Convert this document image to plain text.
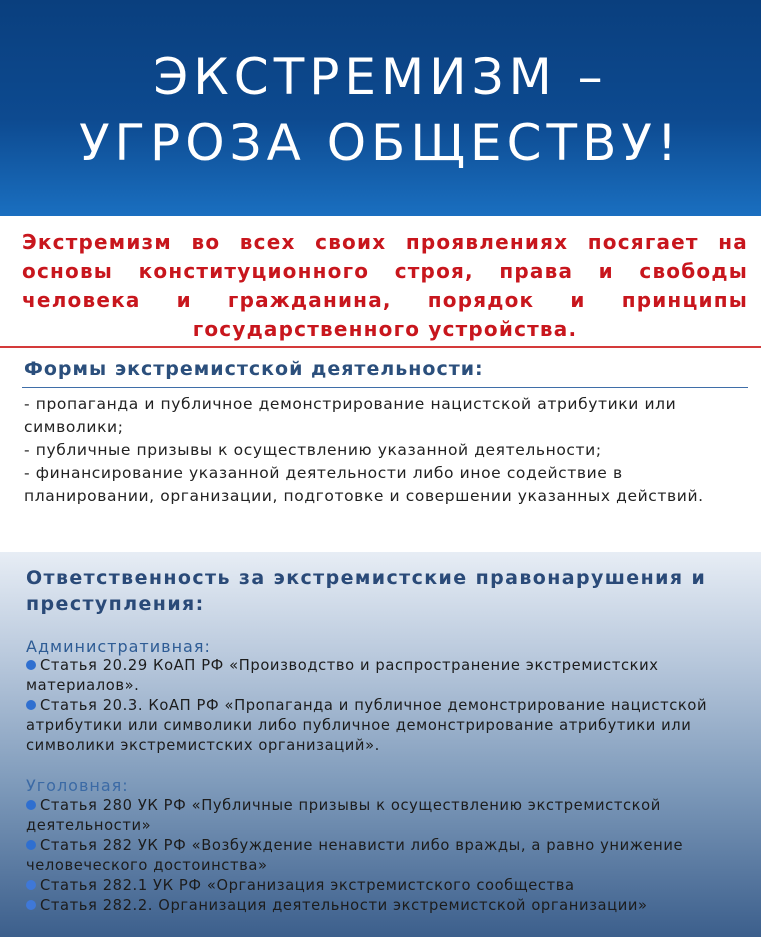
ЭКСТРЕМИЗМ –
УГРОЗА ОБЩЕСТВУ!
Экстремизм во всех своих проявлениях посягает на основы конституционного строя, права и свободы человека и гражданина, порядок и принципы государственного устройства.
Формы экстремистской деятельности:
- пропаганда и публичное демонстрирование нацистской атрибутики или символики;
- публичные призывы к осуществлению указанной деятельности;
- финансирование указанной деятельности либо иное содействие в планировании, организации, подготовке и совершении указанных действий.
Ответственность за экстремистские правонарушения и преступления:
Административная:
Статья 20.29 КоАП РФ «Производство и распространение экстремистских материалов».
Статья 20.3. КоАП РФ «Пропаганда и публичное демонстрирование нацистской атрибутики или символики либо публичное демонстрирование атрибутики или символики экстремистских организаций».
Уголовная:
Статья 280 УК РФ «Публичные призывы к осуществлению экстремистской деятельности»
Статья 282 УК РФ «Возбуждение ненависти либо вражды, а равно унижение человеческого достоинства»
Статья 282.1 УК РФ «Организация экстремистского сообщества
Статья 282.2. Организация деятельности экстремистской организации»
